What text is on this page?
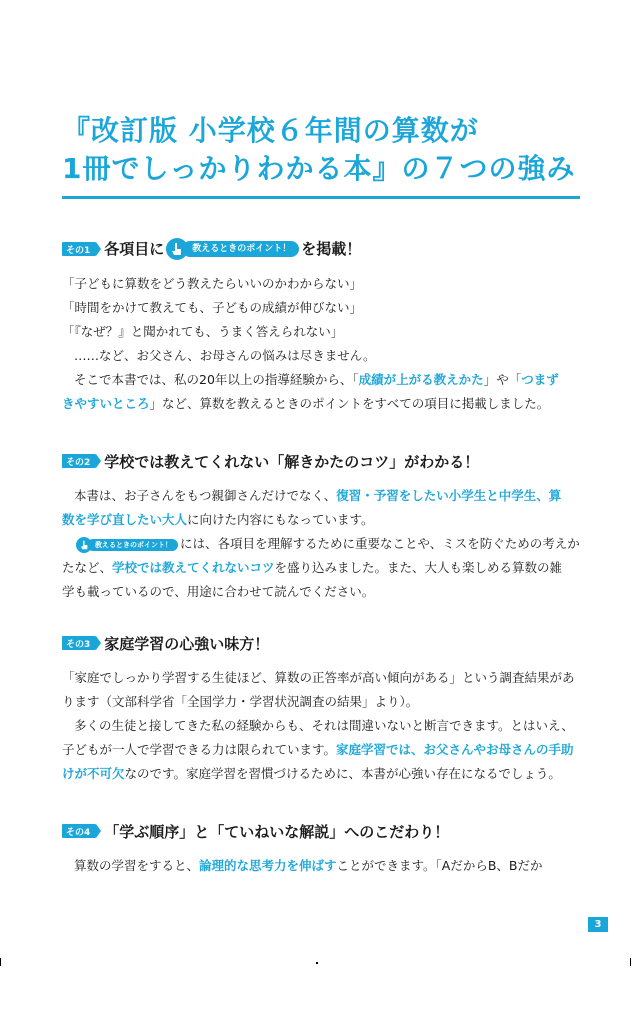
『改訂版 小学校６年間の算数が
1冊でしっかりわかる本』の７つの強み
その1 各項目に	教えるときのポイント！ を掲載！

「子どもに算数をどう教えたらいいのかわからない」

「時間をかけて教えても、子どもの成績が伸びない」

「『なぜ？』と聞かれても、うまく答えられない」

……など、お父さん、お母さんの悩みは尽きません。

そこで本書では、私の20年以上の指導経験から、「成績が上がる教えかた」や「つまず

きやすいところ」など、算数を教えるときのポイントをすべての項目に掲載しました。

その2 学校では教えてくれない「解きかたのコツ」がわかる！

本書は、お子さんをもつ親御さんだけでなく、復習・予習をしたい小学生と中学生、算

数を学び直したい大人に向けた内容にもなっています。

教えるときのポイント！ には、各項目を理解するために重要なことや、ミスを防ぐための考えか

たなど、学校では教えてくれないコツを盛り込みました。また、大人も楽しめる算数の雑

学も載っているので、用途に合わせて読んでください。

その3 家庭学習の心強い味方！

「家庭でしっかり学習する生徒ほど、算数の正答率が高い傾向がある」という調査結果があ

ります（文部科学省「全国学力・学習状況調査の結果」より）。

多くの生徒と接してきた私の経験からも、それは間違いないと断言できます。とはいえ、

子どもが一人で学習できる力は限られています。家庭学習では、お父さんやお母さんの手助

けが不可欠なのです。家庭学習を習慣づけるために、本書が心強い存在になるでしょう。

その4 「学ぶ順序」と「ていねいな解説」へのこだわり！

算数の学習をすると、論理的な思考力を伸ばすことができます。「AだからB、Bだか

3
